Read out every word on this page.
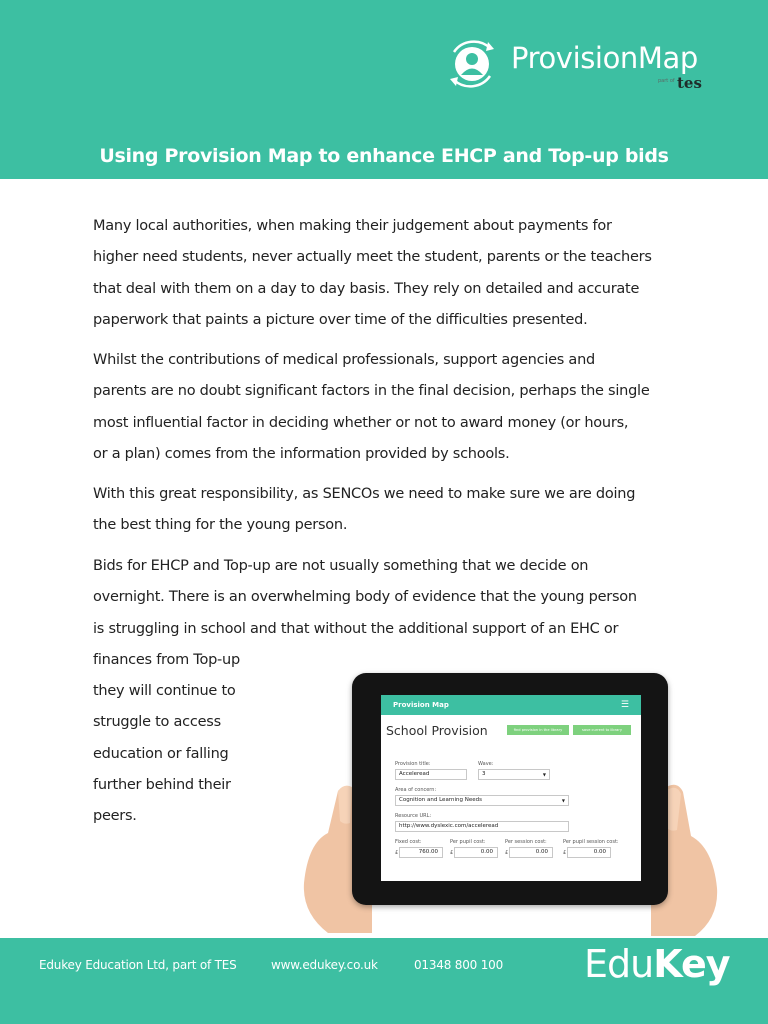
ProvisionMap
part of tes
Using Provision Map to enhance EHCP and Top-up bids
Many local authorities, when making their judgement about payments for
higher need students, never actually meet the student, parents or the teachers
that deal with them on a day to day basis. They rely on detailed and accurate
paperwork that paints a picture over time of the difficulties presented.
Whilst the contributions of medical professionals, support agencies and
parents are no doubt significant factors in the final decision, perhaps the single
most influential factor in deciding whether or not to award money (or hours,
or a plan) comes from the information provided by schools.
With this great responsibility, as SENCOs we need to make sure we are doing
the best thing for the young person.
Bids for EHCP and Top-up are not usually something that we decide on
overnight. There is an overwhelming body of evidence that the young person
is struggling in school and that without the additional support of an EHC or
finances from Top-up
they will continue to
struggle to access
education or falling
further behind their
peers.
Provision Map	☰
School Provision	find provision in the library	save current to library
Provision title:
Acceleread
Wave:
3	▼
Area of concern:
Cognition and Learning Needs	▼
Resource URL:
http://www.dyslexic.com/acceleread
Fixed cost:
£	760.00
Per pupil cost:
£	0.00
Per session cost:
£	0.00
Per pupil session cost:
£	0.00
Edukey Education Ltd, part of TES	www.edukey.co.uk	01348 800 100 EduKey
